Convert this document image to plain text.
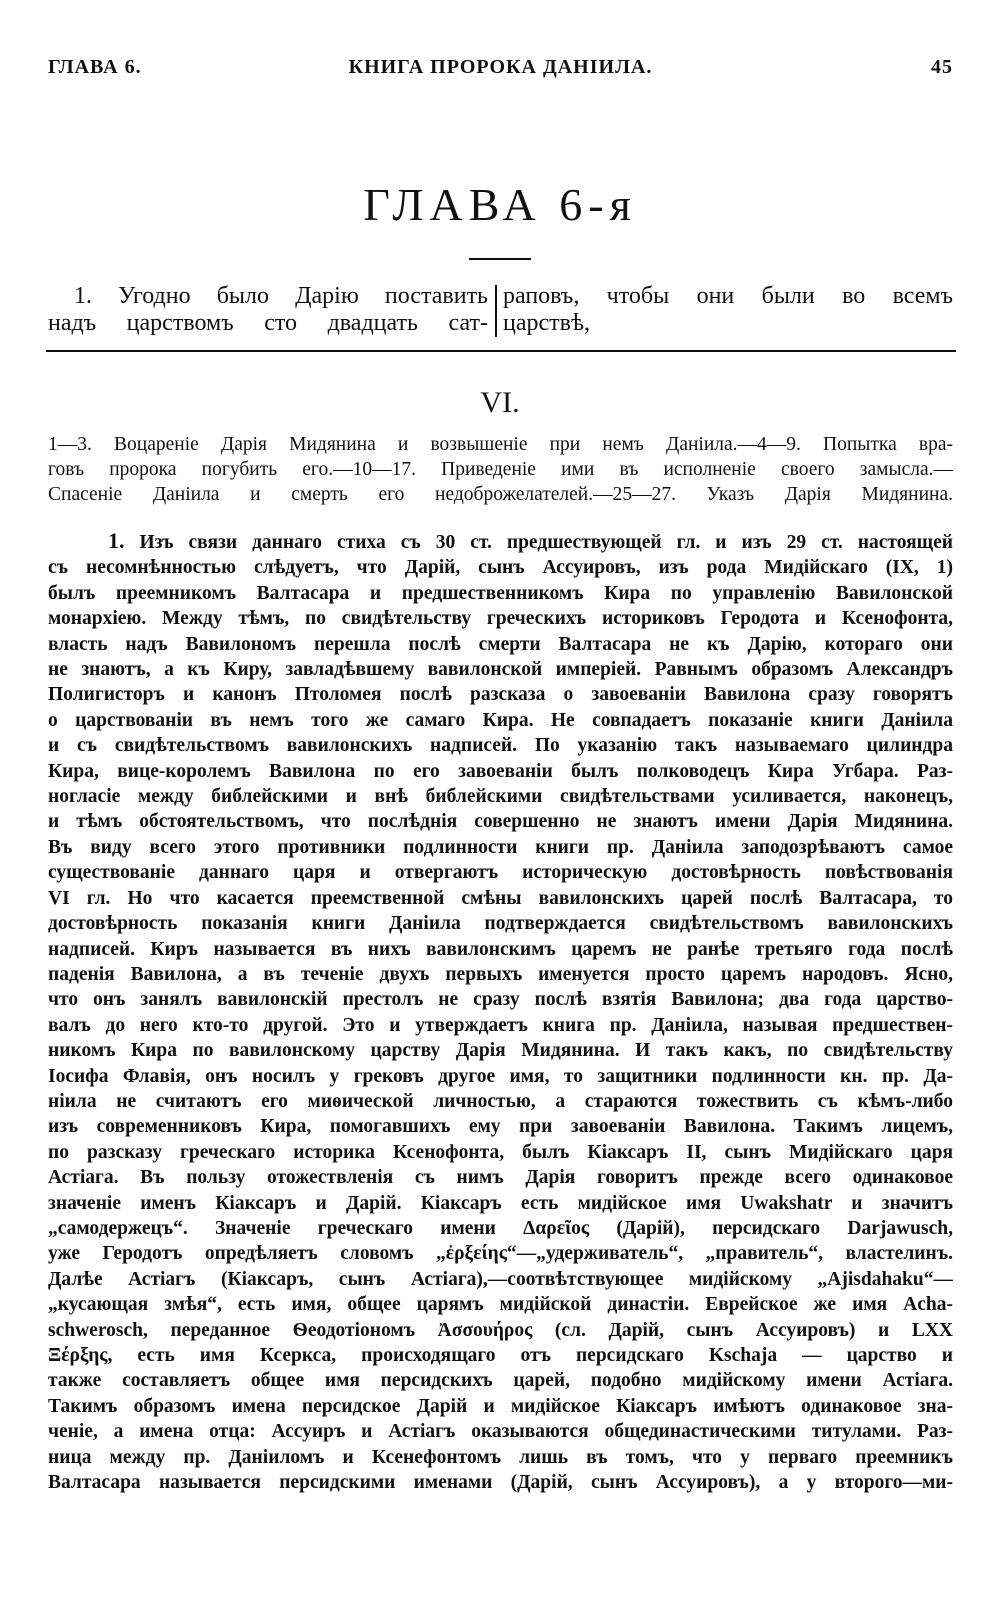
ГЛАВА 6.	КНИГА ПРОРОКА ДАНІИЛА.	45
ГЛАВА 6-я
1. Угодно было Дарію поставить
надъ царствомъ сто двадцать сат-
раповъ, чтобы они были во всемъ
царствѣ,
VI.
1—3. Воцареніе Дарія Мидянина и возвышеніе при немъ Даніила.—4—9. Попытка вра-
говъ пророка погубить его.—10—17. Приведеніе ими въ исполненіе своего замысла.—
Спасеніе Даніила и смерть его недоброжелателей.—25—27. Указъ Дарія Мидянина.
1. Изъ связи даннаго стиха съ 30 ст. предшествующей гл. и изъ 29 ст. настоящей
съ несомнѣнностью слѣдуетъ, что Дарій, сынъ Ассуировъ, изъ рода Мидійскаго (IX, 1)
былъ преемникомъ Валтасара и предшественникомъ Кира по управленію Вавилонской
монархіею. Между тѣмъ, по свидѣтельству греческихъ историковъ Геродота и Ксенофонта,
власть надъ Вавилономъ перешла послѣ смерти Валтасара не къ Дарію, котораго они
не знаютъ, а къ Киру, завладѣвшему вавилонской имперіей. Равнымъ образомъ Александръ
Полигисторъ и канонъ Птоломея послѣ разсказа о завоеваніи Вавилона сразу говорятъ
о царствованіи въ немъ того же самаго Кира. Не совпадаетъ показаніе книги Даніила
и съ свидѣтельствомъ вавилонскихъ надписей. По указанію такъ называемаго цилиндра
Кира, вице-королемъ Вавилона по его завоеваніи былъ полководецъ Кира Угбара. Раз-
ногласіе между библейскими и внѣ библейскими свидѣтельствами усиливается, наконецъ,
и тѣмъ обстоятельствомъ, что послѣднія совершенно не знаютъ имени Дарія Мидянина.
Въ виду всего этого противники подлинности книги пр. Даніила заподозрѣваютъ самое
существованіе даннаго царя и отвергаютъ историческую достовѣрность повѣствованія
VI гл. Но что касается преемственной смѣны вавилонскихъ царей послѣ Валтасара, то
достовѣрность показанія книги Даніила подтверждается свидѣтельствомъ вавилонскихъ
надписей. Киръ называется въ нихъ вавилонскимъ царемъ не ранѣе третьяго года послѣ
паденія Вавилона, а въ теченіе двухъ первыхъ именуется просто царемъ народовъ. Ясно,
что онъ занялъ вавилонскій престолъ не сразу послѣ взятія Вавилона; два года царство-
валъ до него кто-то другой. Это и утверждаетъ книга пр. Даніила, называя предшествен-
никомъ Кира по вавилонскому царству Дарія Мидянина. И такъ какъ, по свидѣтельству
Іосифа Флавія, онъ носилъ у грековъ другое имя, то защитники подлинности кн. пр. Да-
ніила не считаютъ его миѳической личностью, а стараются тожествить съ кѣмъ-либо
изъ современниковъ Кира, помогавшихъ ему при завоеваніи Вавилона. Такимъ лицемъ,
по разсказу греческаго историка Ксенофонта, былъ Кіаксаръ II, сынъ Мидійскаго царя
Астіага. Въ пользу отожествленія съ нимъ Дарія говоритъ прежде всего одинаковое
значеніе именъ Кіаксаръ и Дарій. Кіаксаръ есть мидійское имя Uwakshatr и значитъ
„самодержецъ“. Значеніе греческаго имени Δαρεῖος (Дарій), персидскаго Darjawusch,
уже Геродотъ опредѣляетъ словомъ „ἐρξείης“—„удерживатель“, „правитель“, властелинъ.
Далѣе Астіагъ (Кіаксаръ, сынъ Астіага),—соотвѣтствующее мидійскому „Ajisdahaku“—
„кусающая змѣя“, есть имя, общее царямъ мидійской династіи. Еврейское же имя Acha-
schwerosch, переданное Ѳеодотіономъ Ἀσσουήρος (сл. Дарій, сынъ Ассуировъ) и LXX
Ξέρξης, есть имя Ксеркса, происходящаго отъ персидскаго Kschaja — царство и
также составляетъ общее имя персидскихъ царей, подобно мидійскому имени Астіага.
Такимъ образомъ имена персидское Дарій и мидійское Кіаксаръ имѣютъ одинаковое зна-
ченіе, а имена отца: Ассуиръ и Астіагъ оказываются общединастическими титулами. Раз-
ница между пр. Даніиломъ и Ксенефонтомъ лишь въ томъ, что у перваго преемникъ
Валтасара называется персидскими именами (Дарій, сынъ Ассуировъ), а у второго—ми-
